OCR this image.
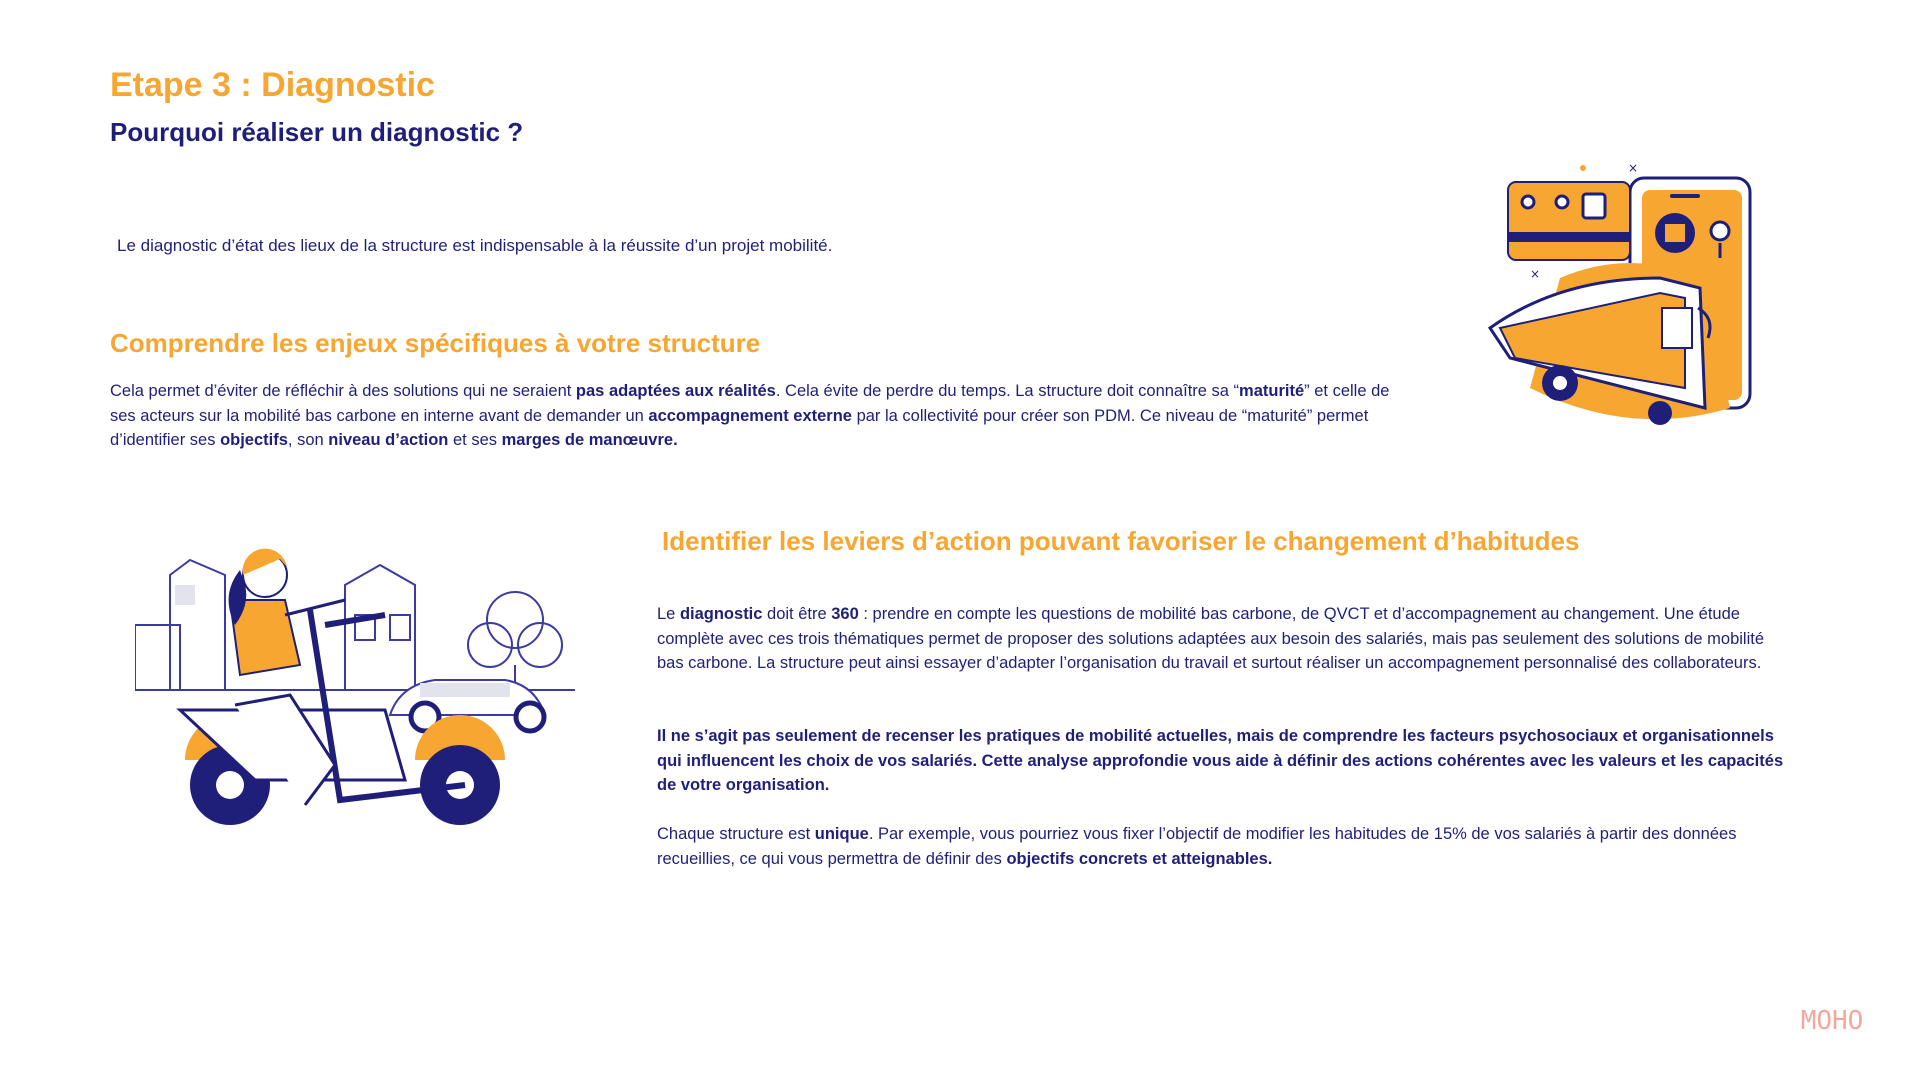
Etape 3 : Diagnostic
Pourquoi réaliser un diagnostic ?
Le diagnostic d’état des lieux de la structure est indispensable à la réussite d’un projet mobilité.
Comprendre les enjeux spécifiques à votre structure
Cela permet d’éviter de réfléchir à des solutions qui ne seraient pas adaptées aux réalités. Cela évite de perdre du temps. La structure doit connaître sa “maturité” et celle de ses acteurs sur la mobilité bas carbone en interne avant de demander un accompagnement externe par la collectivité pour créer son PDM. Ce niveau de “maturité” permet d’identifier ses objectifs, son niveau d’action et ses marges de manœuvre.
×
×
Identifier les leviers d’action pouvant favoriser le changement d’habitudes
Le diagnostic doit être 360 : prendre en compte les questions de mobilité bas carbone, de QVCT et d’accompagnement au changement. Une étude complète avec ces trois thématiques permet de proposer des solutions adaptées aux besoin des salariés, mais pas seulement des solutions de mobilité bas carbone. La structure peut ainsi essayer d’adapter l’organisation du travail et surtout réaliser un accompagnement personnalisé des collaborateurs.
Il ne s’agit pas seulement de recenser les pratiques de mobilité actuelles, mais de comprendre les facteurs psychosociaux et organisationnels qui influencent les choix de vos salariés. Cette analyse approfondie vous aide à définir des actions cohérentes avec les valeurs et les capacités de votre organisation.
Chaque structure est unique. Par exemple, vous pourriez vous fixer l’objectif de modifier les habitudes de 15% de vos salariés à partir des données recueillies, ce qui vous permettra de définir des objectifs concrets et atteignables.
MOHO
